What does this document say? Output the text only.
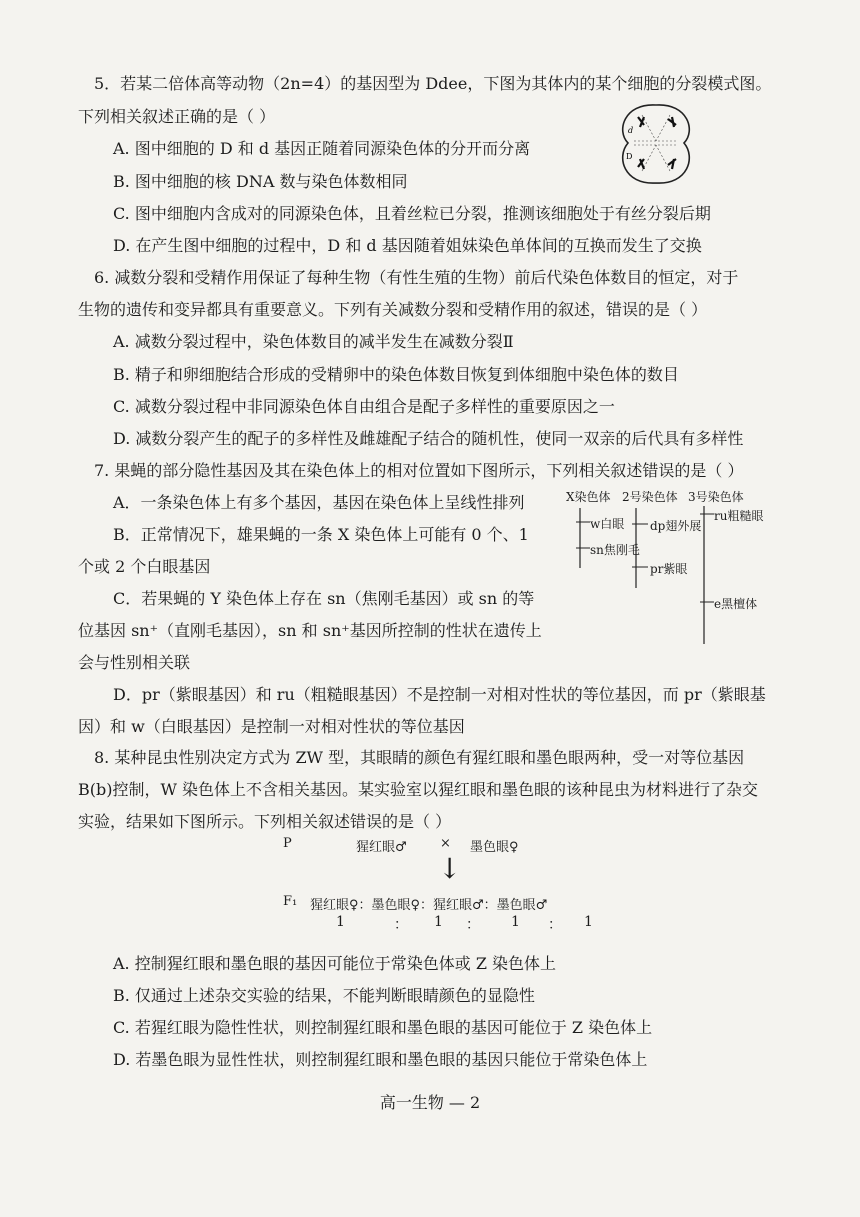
5．若某二倍体高等动物（2n=4）的基因型为 Ddee，下图为其体内的某个细胞的分裂模式图。
下列相关叙述正确的是（ ）
A. 图中细胞的 D 和 d 基因正随着同源染色体的分开而分离
B. 图中细胞的核 DNA 数与染色体数相同
C. 图中细胞内含成对的同源染色体，且着丝粒已分裂，推测该细胞处于有丝分裂后期
D. 在产生图中细胞的过程中，D 和 d 基因随着姐妹染色单体间的互换而发生了交换
d
D
6. 减数分裂和受精作用保证了每种生物（有性生殖的生物）前后代染色体数目的恒定，对于
生物的遗传和变异都具有重要意义。下列有关减数分裂和受精作用的叙述，错误的是（ ）
A. 减数分裂过程中，染色体数目的减半发生在减数分裂Ⅱ
B. 精子和卵细胞结合形成的受精卵中的染色体数目恢复到体细胞中染色体的数目
C. 减数分裂过程中非同源染色体自由组合是配子多样性的重要原因之一
D. 减数分裂产生的配子的多样性及雌雄配子结合的随机性，使同一双亲的后代具有多样性
7. 果蝇的部分隐性基因及其在染色体上的相对位置如下图所示，下列相关叙述错误的是（ ）
A．一条染色体上有多个基因，基因在染色体上呈线性排列
B．正常情况下，雄果蝇的一条 X 染色体上可能有 0 个、1
个或 2 个白眼基因
C．若果蝇的 Y 染色体上存在 sn（焦刚毛基因）或 sn 的等
位基因 sn⁺（直刚毛基因），sn 和 sn⁺基因所控制的性状在遗传上
会与性别相关联
D．pr（紫眼基因）和 ru（粗糙眼基因）不是控制一对相对性状的等位基因，而 pr（紫眼基
因）和 w（白眼基因）是控制一对相对性状的等位基因
X染色体 2号染色体 3号染色体
w白眼
sn焦刚毛
dp翅外展
pr紫眼
ru粗糙眼
e黑檀体
8. 某种昆虫性别决定方式为 ZW 型，其眼睛的颜色有猩红眼和墨色眼两种，受一对等位基因
B(b)控制，W 染色体上不含相关基因。某实验室以猩红眼和墨色眼的该种昆虫为材料进行了杂交
实验，结果如下图所示。下列相关叙述错误的是（ ）
P	猩红眼♂	× 墨色眼♀
↓
F₁ 猩红眼♀：墨色眼♀：猩红眼♂：墨色眼♂
1	： 1 ： 1 ： 1
A. 控制猩红眼和墨色眼的基因可能位于常染色体或 Z 染色体上
B. 仅通过上述杂交实验的结果，不能判断眼睛颜色的显隐性
C. 若猩红眼为隐性性状，则控制猩红眼和墨色眼的基因可能位于 Z 染色体上
D. 若墨色眼为显性性状，则控制猩红眼和墨色眼的基因只能位于常染色体上
高一生物 — 2
